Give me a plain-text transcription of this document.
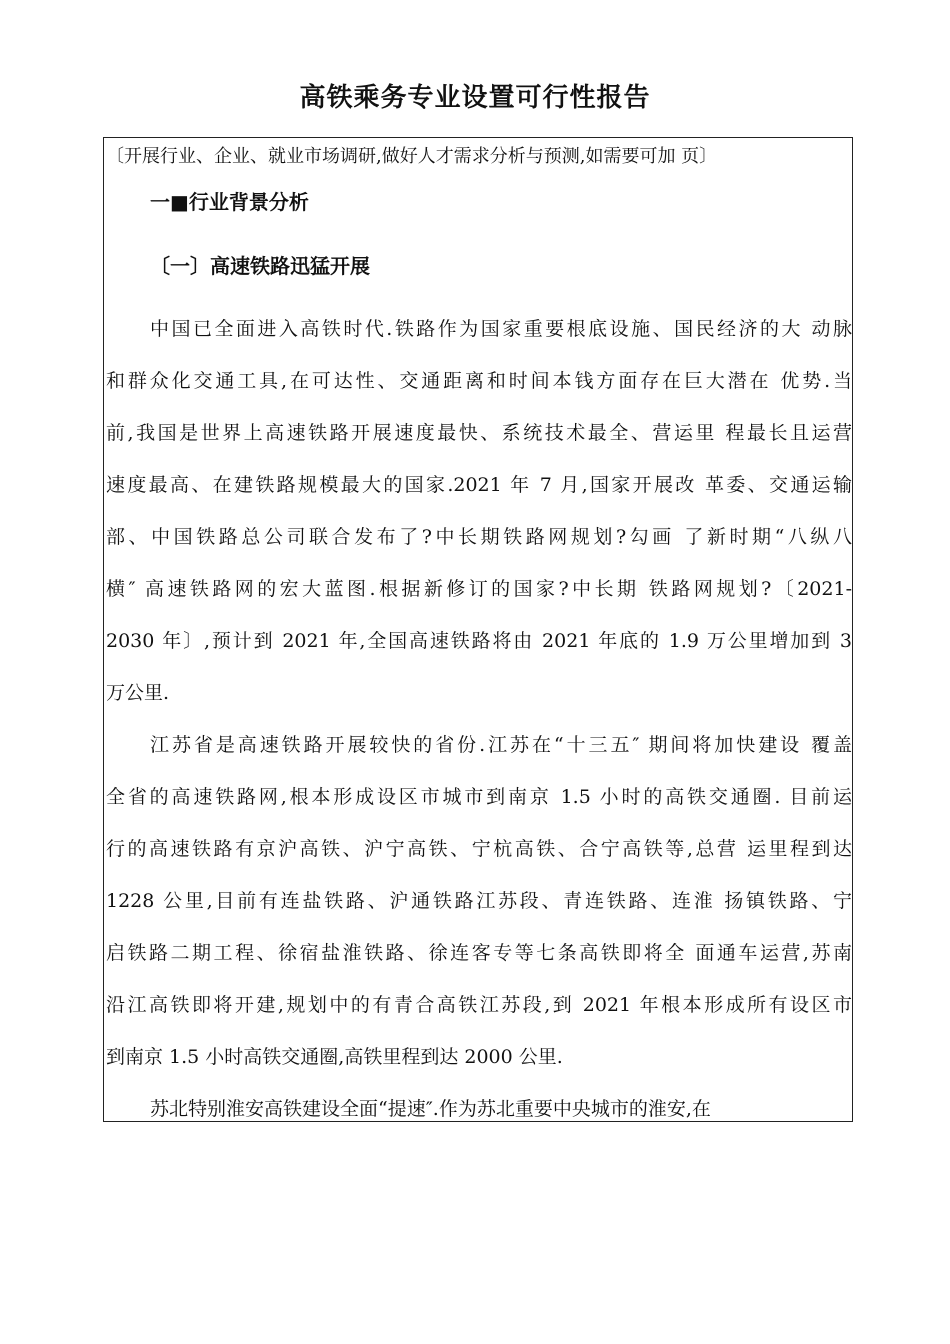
高铁乘务专业设置可行性报告
〔开展行业、企业、就业市场调研,做好人才需求分析与预测,如需要可加 页〕
一■行业背景分析
〔一〕高速铁路迅猛开展
中国已全面进入高铁时代.铁路作为国家重要根底设施、国民经济的大 动脉
和群众化交通工具,在可达性、交通距离和时间本钱方面存在巨大潜在 优势.当
前,我国是世界上高速铁路开展速度最快、系统技术最全、营运里 程最长且运营
速度最高、在建铁路规模最大的国家.2021 年 7 月,国家开展改 革委、交通运输
部、中国铁路总公司联合发布了?中长期铁路网规划?勾画 了新时期“八纵八
横″ 高速铁路网的宏大蓝图.根据新修订的国家?中长期 铁路网规划?〔2021-
2030 年〕,预计到 2021 年,全国高速铁路将由 2021 年底的 1.9 万公里增加到 3
万公里.
江苏省是高速铁路开展较快的省份.江苏在“十三五″ 期间将加快建设 覆盖
全省的高速铁路网,根本形成设区市城市到南京 1.5 小时的高铁交通圈. 目前运
行的高速铁路有京沪高铁、沪宁高铁、宁杭高铁、合宁高铁等,总营 运里程到达
1228 公里,目前有连盐铁路、沪通铁路江苏段、青连铁路、连淮 扬镇铁路、宁
启铁路二期工程、徐宿盐淮铁路、徐连客专等七条高铁即将全 面通车运营,苏南
沿江高铁即将开建,规划中的有青合高铁江苏段,到 2021 年根本形成所有设区市
到南京 1.5 小时高铁交通圈,高铁里程到达 2000 公里.
苏北特别淮安高铁建设全面“提速″.作为苏北重要中央城市的淮安,在
